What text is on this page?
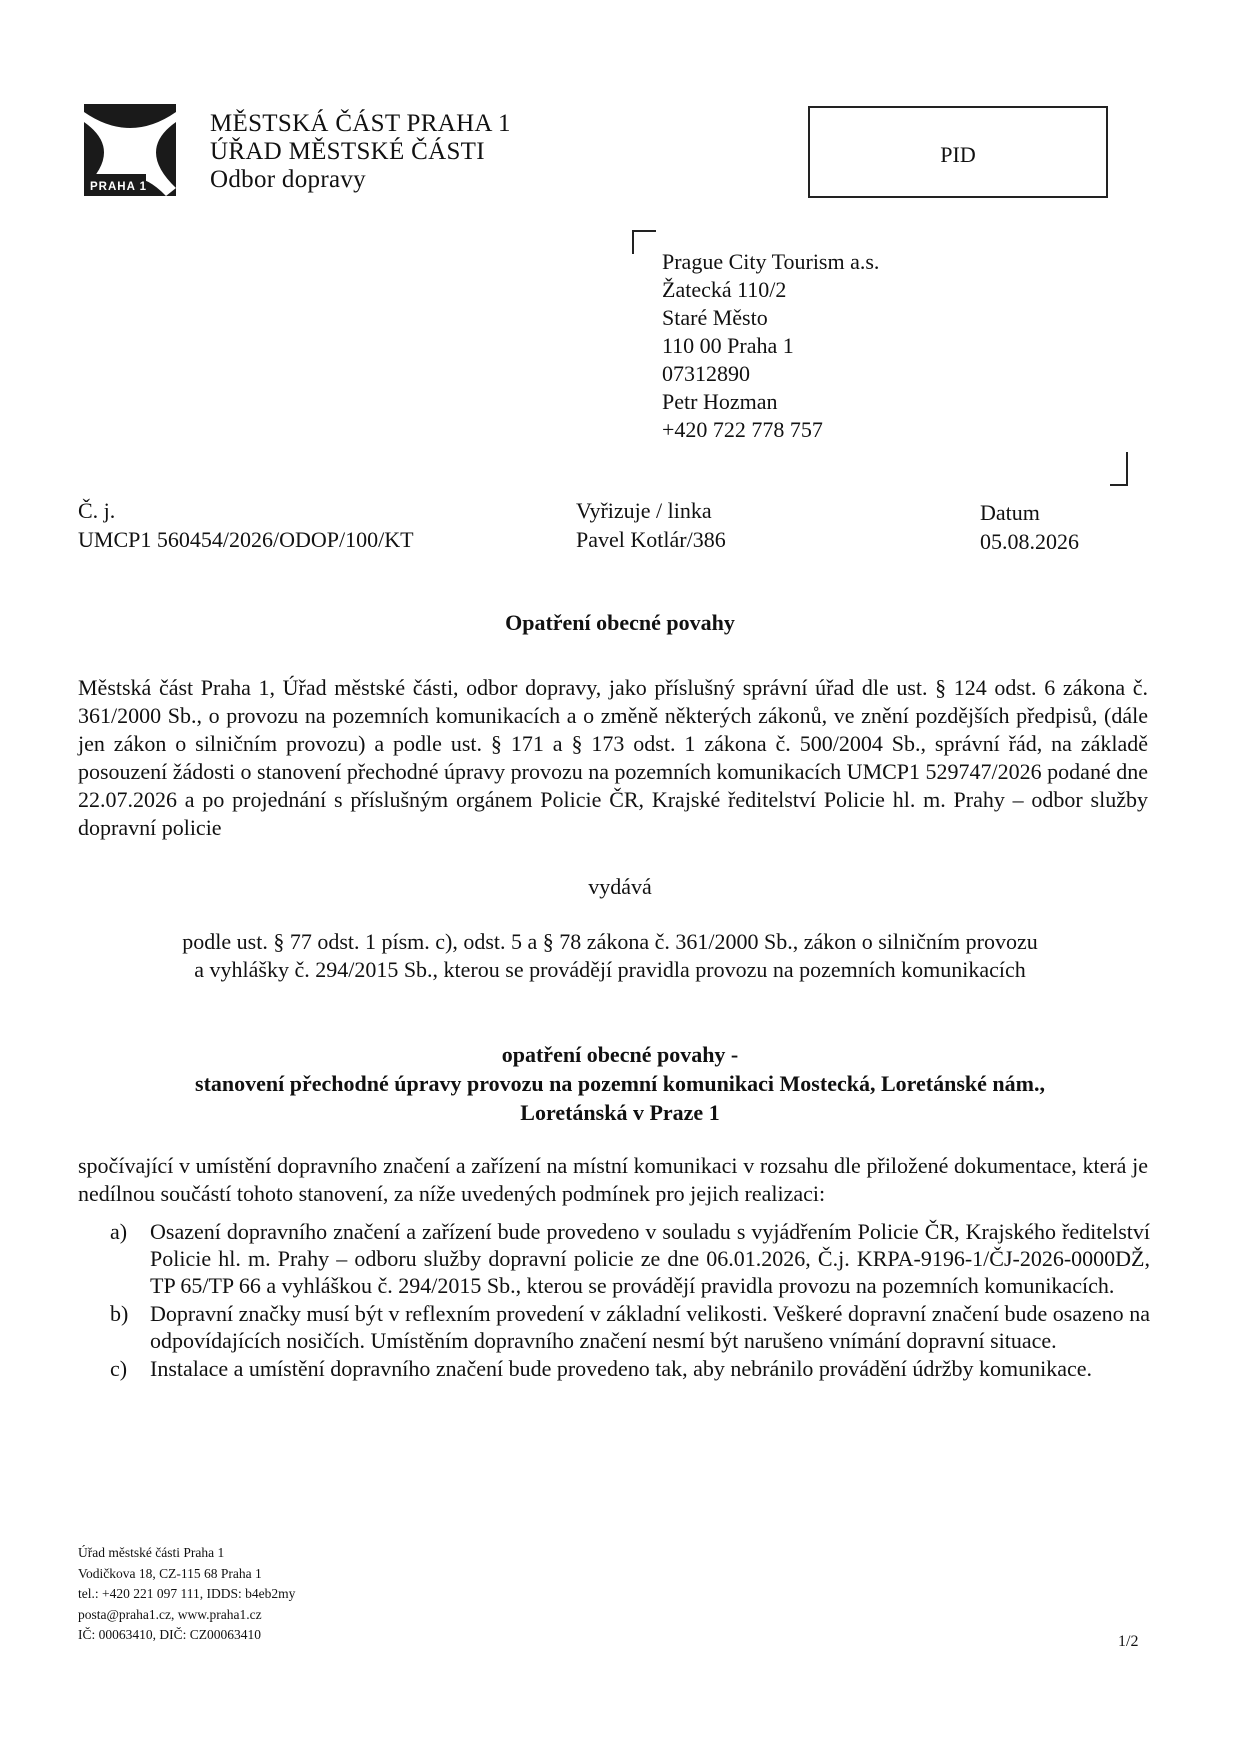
PRAHA 1
MĚSTSKÁ ČÁST PRAHA 1
ÚŘAD MĚSTSKÉ ČÁSTI
Odbor dopravy
PID
Prague City Tourism a.s.
Žatecká 110/2
Staré Město
110 00 Praha 1
07312890
Petr Hozman
+420 722 778 757
Č. j.
UMCP1 560454/2026/ODOP/100/KT
Vyřizuje / linka
Pavel Kotlár/386
Datum
05.08.2026
Opatření obecné povahy
Městská část Praha 1, Úřad městské části, odbor dopravy, jako příslušný správní úřad dle ust. § 124 odst. 6 zákona č. 361/2000 Sb., o provozu na pozemních komunikacích a o změně některých zákonů, ve znění pozdějších předpisů, (dále jen zákon o silničním provozu) a podle ust. § 171 a § 173 odst. 1 zákona č. 500/2004 Sb., správní řád, na základě posouzení žádosti o stanovení přechodné úpravy provozu na pozemních komunikacích UMCP1 529747/2026 podané dne 22.07.2026 a po projednání s příslušným orgánem Policie ČR, Krajské ředitelství Policie hl. m. Prahy – odbor služby dopravní policie
vydává
podle ust. § 77 odst. 1 písm. c), odst. 5 a § 78 zákona č. 361/2000 Sb., zákon o silničním provozu
a vyhlášky č. 294/2015 Sb., kterou se provádějí pravidla provozu na pozemních komunikacích
opatření obecné povahy -
stanovení přechodné úpravy provozu na pozemní komunikaci Mostecká, Loretánské nám.,
Loretánská v Praze 1
spočívající v umístění dopravního značení a zařízení na místní komunikaci v rozsahu dle přiložené dokumentace, která je nedílnou součástí tohoto stanovení, za níže uvedených podmínek pro jejich realizaci:
a) Osazení dopravního značení a zařízení bude provedeno v souladu s vyjádřením Policie ČR, Krajského ředitelství Policie hl. m. Prahy – odboru služby dopravní policie ze dne 06.01.2026, Č.j. KRPA-9196-1/ČJ-2026-0000DŽ, TP 65/TP 66 a vyhláškou č. 294/2015 Sb., kterou se provádějí pravidla provozu na pozemních komunikacích.
b) Dopravní značky musí být v reflexním provedení v základní velikosti. Veškeré dopravní značení bude osazeno na odpovídajících nosičích. Umístěním dopravního značení nesmí být narušeno vnímání dopravní situace.
c) Instalace a umístění dopravního značení bude provedeno tak, aby nebránilo provádění údržby komunikace.
Úřad městské části Praha 1
Vodičkova 18, CZ-115 68 Praha 1
tel.: +420 221 097 111, IDDS: b4eb2my
posta@praha1.cz, www.praha1.cz
IČ: 00063410, DIČ: CZ00063410	1/2
